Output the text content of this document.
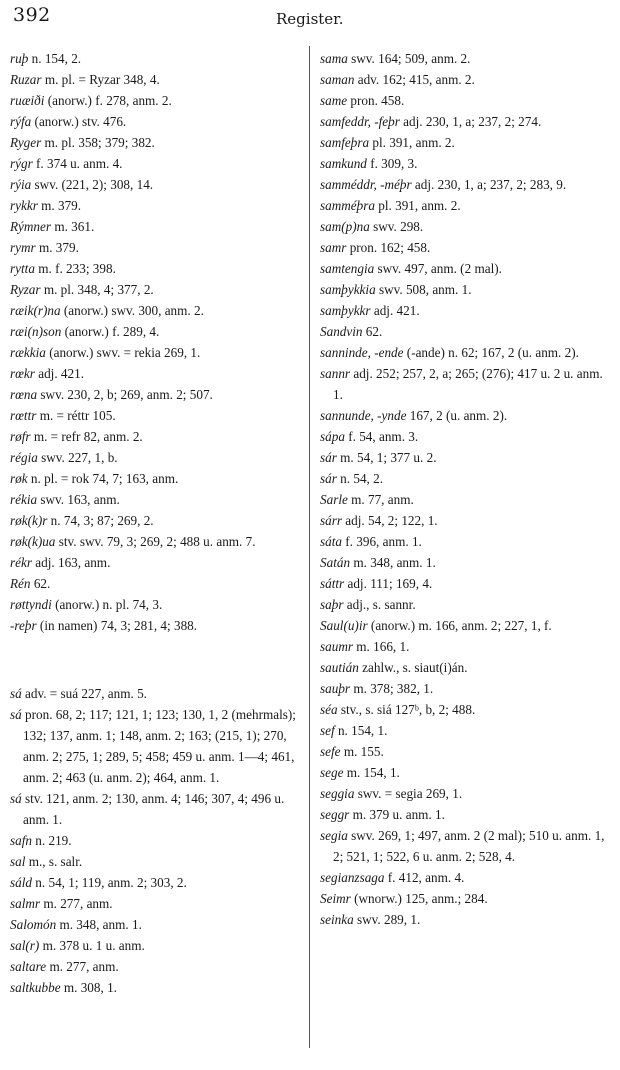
392	Register.

ruþ n. 154, 2.

Ruzar m. pl. = Ryzar 348, 4.

ruæiði (anorw.) f. 278, anm. 2.

rýfa (anorw.) stv. 476.

Ryger m. pl. 358; 379; 382.

rýgr f. 374 u. anm. 4.

rýia swv. (221, 2); 308, 14.

rykkr m. 379.

Rýmner m. 361.

rymr m. 379.

rytta m. f. 233; 398.

Ryzar m. pl. 348, 4; 377, 2.

ræik(r)na (anorw.) swv. 300, anm. 2.

ræi(n)son (anorw.) f. 289, 4.

rækkia (anorw.) swv. = rekia 269, 1.

rœkr adj. 421.

rœna swv. 230, 2, b; 269, anm. 2; 507.

rœttr m. = réttr 105.

røfr m. = refr 82, anm. 2.

régia swv. 227, 1, b.

røk n. pl. = rok 74, 7; 163, anm.

rékia swv. 163, anm.

røk(k)r n. 74, 3; 87; 269, 2.

røk(k)ua stv. swv. 79, 3; 269, 2; 488 u. anm. 7.

rékr adj. 163, anm.

Rén 62.

røttyndi (anorw.) n. pl. 74, 3.

-reþr (in namen) 74, 3; 281, 4; 388.

sá adv. = suá 227, anm. 5.

sá pron. 68, 2; 117; 121, 1; 123; 130, 1, 2 (mehrmals); 132; 137, anm. 1; 148, anm. 2; 163; (215, 1); 270, anm. 2; 275, 1; 289, 5; 458; 459 u. anm. 1—4; 461, anm. 2; 463 (u. anm. 2); 464, anm. 1.

sá stv. 121, anm. 2; 130, anm. 4; 146; 307, 4; 496 u. anm. 1.

safn n. 219.

sal m., s. salr.

sáld n. 54, 1; 119, anm. 2; 303, 2.

salmr m. 277, anm.

Salomón m. 348, anm. 1.

sal(r) m. 378 u. 1 u. anm.

saltare m. 277, anm.

saltkubbe m. 308, 1.

sama swv. 164; 509, anm. 2.

saman adv. 162; 415, anm. 2.

same pron. 458.

samfeddr, -feþr adj. 230, 1, a; 237, 2; 274.

samfeþra pl. 391, anm. 2.

samkund f. 309, 3.

samméddr, -méþr adj. 230, 1, a; 237, 2; 283, 9.

samméþra pl. 391, anm. 2.

sam(p)na swv. 298.

samr pron. 162; 458.

samtengia swv. 497, anm. (2 mal).

samþykkia swv. 508, anm. 1.

samþykkr adj. 421.

Sandvin 62.

sanninde, -ende (-ande) n. 62; 167, 2 (u. anm. 2).

sannr adj. 252; 257, 2, a; 265; (276); 417 u. 2 u. anm. 1.

sannunde, -ynde 167, 2 (u. anm. 2).

sápa f. 54, anm. 3.

sár m. 54, 1; 377 u. 2.

sár n. 54, 2.

Sarle m. 77, anm.

sárr adj. 54, 2; 122, 1.

sáta f. 396, anm. 1.

Satán m. 348, anm. 1.

sáttr adj. 111; 169, 4.

saþr adj., s. sannr.

Saul(u)ir (anorw.) m. 166, anm. 2; 227, 1, f.

saumr m. 166, 1.

sautián zahlw., s. siaut(i)án.

sauþr m. 378; 382, 1.

séa stv., s. siá 127ᵇ, b, 2; 488.

sef n. 154, 1.

sefe m. 155.

sege m. 154, 1.

seggia swv. = segia 269, 1.

seggr m. 379 u. anm. 1.

segia swv. 269, 1; 497, anm. 2 (2 mal); 510 u. anm. 1, 2; 521, 1; 522, 6 u. anm. 2; 528, 4.

segianzsaga f. 412, anm. 4.

Seimr (wnorw.) 125, anm.; 284.

seinka swv. 289, 1.
